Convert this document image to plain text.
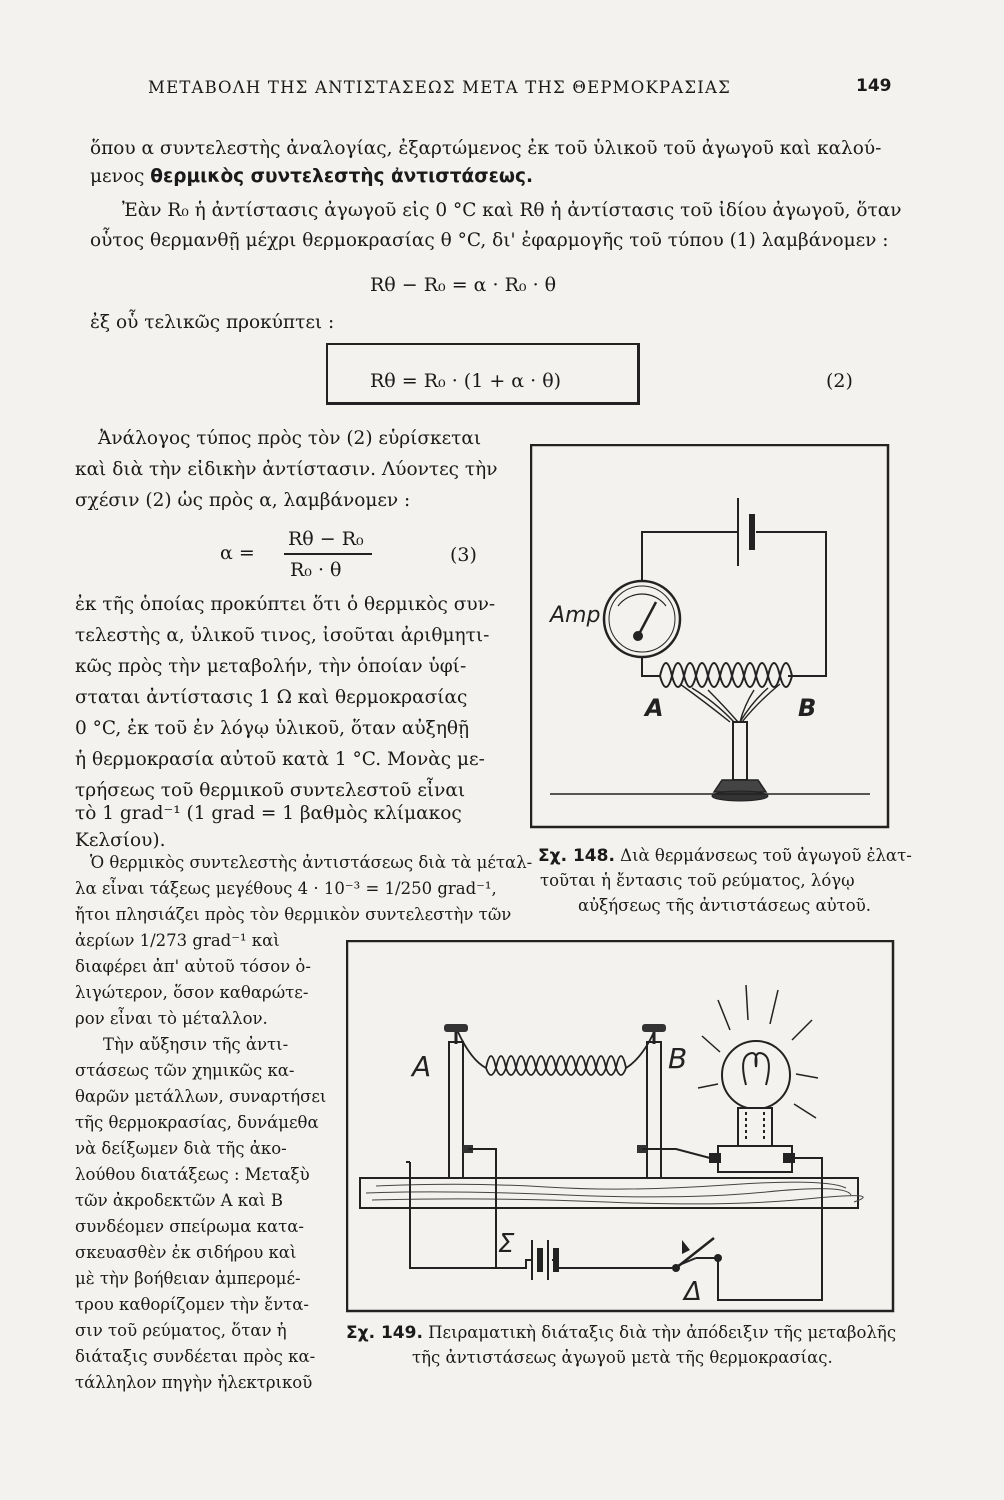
ΜΕΤΑΒΟΛΗ ΤΗΣ ΑΝΤΙΣΤΑΣΕΩΣ ΜΕΤΑ ΤΗΣ ΘΕΡΜΟΚΡΑΣΙΑΣ	149
ὅπου α συντελεστὴς ἀναλογίας, ἐξαρτώμενος ἐκ τοῦ ὑλικοῦ τοῦ ἀγωγοῦ καὶ καλού-
μενος θερμικὸς συντελεστὴς ἀντιστάσεως.
Ἐὰν R₀ ἡ ἀντίστασις ἀγωγοῦ εἰς 0 °C καὶ Rθ ἡ ἀντίστασις τοῦ ἰδίου ἀγωγοῦ, ὅταν
οὗτος θερμανθῇ μέχρι θερμοκρασίας θ °C, δι' ἐφαρμογῆς τοῦ τύπου (1) λαμβάνομεν :
Rθ − R₀ = α · R₀ · θ
ἐξ οὗ τελικῶς προκύπτει :
Rθ = R₀ · (1 + α · θ)	(2)
Ἀνάλογος τύπος πρὸς τὸν (2) εὑρίσκεται
καὶ διὰ τὴν εἰδικὴν ἀντίστασιν. Λύοντες τὴν
σχέσιν (2) ὡς πρὸς α, λαμβάνομεν :
α =
Rθ − R₀
R₀ · θ
(3)
ἐκ τῆς ὁποίας προκύπτει ὅτι ὁ θερμικὸς συν-
τελεστὴς α, ὑλικοῦ τινος, ἰσοῦται ἀριθμητι-
κῶς πρὸς τὴν μεταβολήν, τὴν ὁποίαν ὑφί-
σταται ἀντίστασις 1 Ω καὶ θερμοκρασίας
0 °C, ἐκ τοῦ ἐν λόγῳ ὑλικοῦ, ὅταν αὐξηθῇ
ἡ θερμοκρασία αὐτοῦ κατὰ 1 °C. Μονὰς με-
τρήσεως τοῦ θερμικοῦ συντελεστοῦ εἶναι
τὸ 1 grad⁻¹ (1 grad = 1 βαθμὸς κλίμακος
Κελσίου).
Ὁ θερμικὸς συντελεστὴς ἀντιστάσεως διὰ τὰ μέταλ-
λα εἶναι τάξεως μεγέθους 4 · 10⁻³ = 1/250 grad⁻¹,
ἤτοι πλησιάζει πρὸς τὸν θερμικὸν συντελεστὴν τῶν
ἀερίων 1/273 grad⁻¹ καὶ
διαφέρει ἀπ' αὐτοῦ τόσον ὀ-
λιγώτερον, ὅσον καθαρώτε-
ρον εἶναι τὸ μέταλλον.
Τὴν αὔξησιν τῆς ἀντι-
στάσεως τῶν χημικῶς κα-
θαρῶν μετάλλων, συναρτήσει
τῆς θερμοκρασίας, δυνάμεθα
νὰ δείξωμεν διὰ τῆς ἀκο-
λούθου διατάξεως : Μεταξὺ
τῶν ἀκροδεκτῶν Α καὶ Β
συνδέομεν σπείρωμα κατα-
σκευασθὲν ἐκ σιδήρου καὶ
μὲ τὴν βοήθειαν ἀμπερομέ-
τρου καθορίζομεν τὴν ἔντα-
σιν τοῦ ρεύματος, ὅταν ἡ
διάταξις συνδέεται πρὸς κα-
τάλληλον πηγὴν ἠλεκτρικοῦ
Amp
A	B
Σχ. 148. Διὰ θερμάνσεως τοῦ ἀγωγοῦ ἐλατ-
τοῦται ἡ ἔντασις τοῦ ρεύματος, λόγῳ
αὐξήσεως τῆς ἀντιστάσεως αὐτοῦ.
A	B
Σ
Δ
Σχ. 149. Πειραματικὴ διάταξις διὰ τὴν ἀπόδειξιν τῆς μεταβολῆς
τῆς ἀντιστάσεως ἀγωγοῦ μετὰ τῆς θερμοκρασίας.
